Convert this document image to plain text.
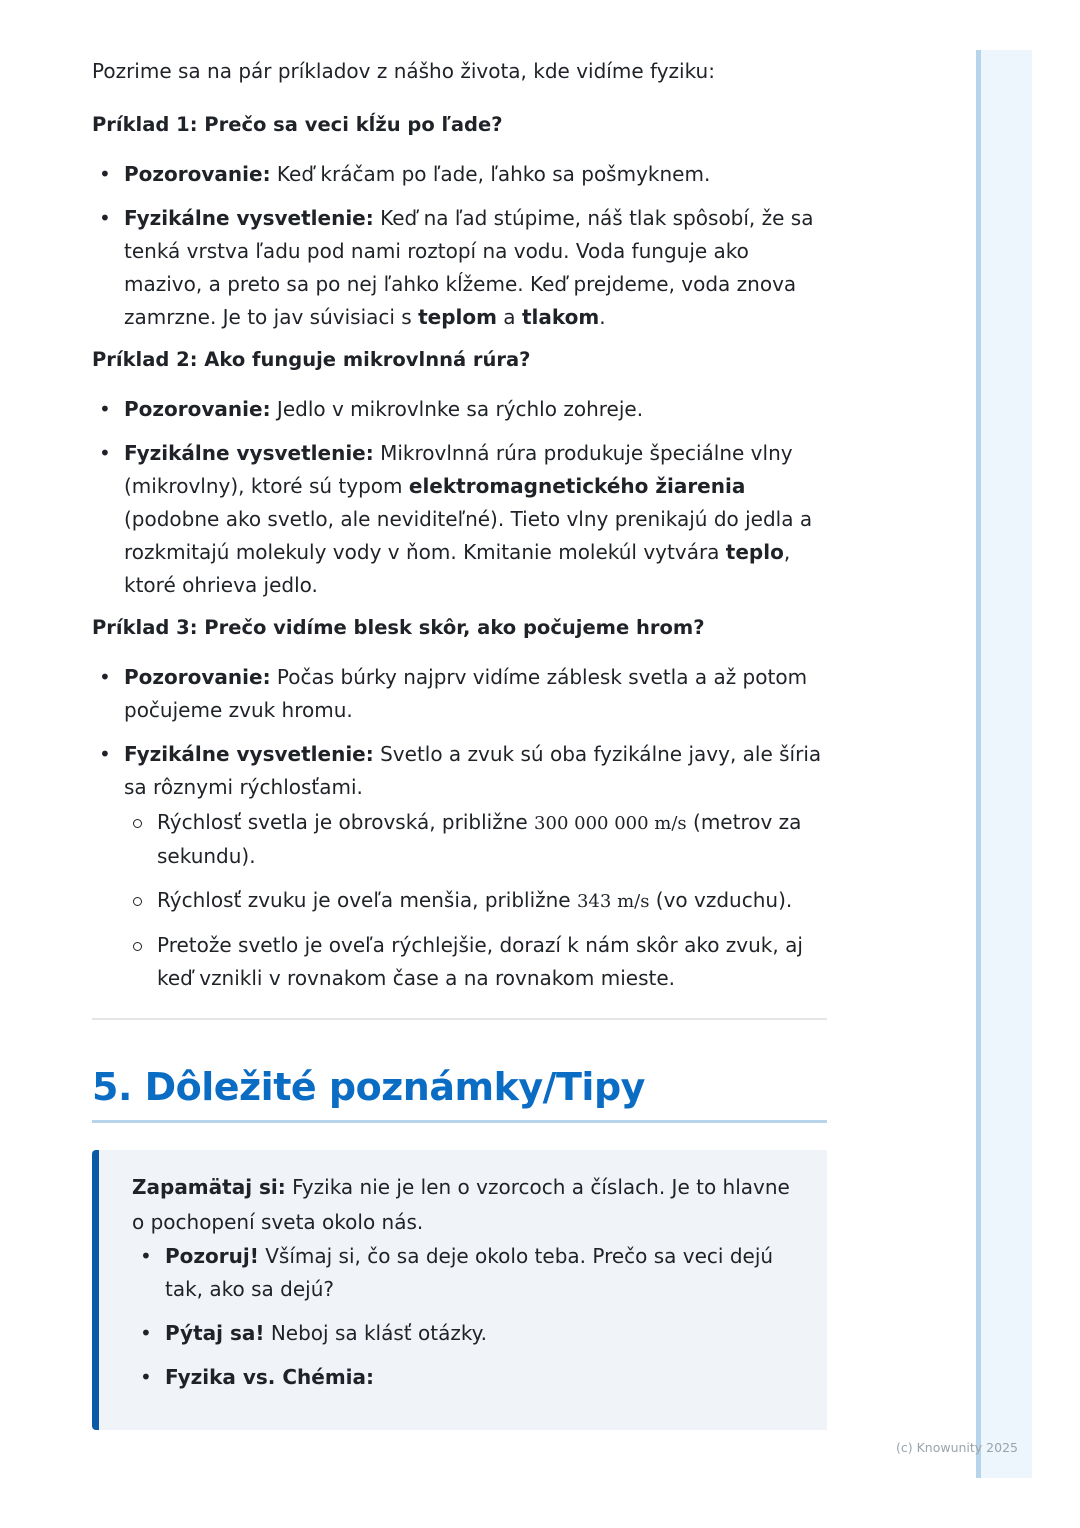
Pozrime sa na pár príkladov z nášho života, kde vidíme fyziku:

Príklad 1: Prečo sa veci kĺžu po ľade?

• Pozorovanie: Keď kráčam po ľade, ľahko sa pošmyknem.
• Fyzikálne vysvetlenie: Keď na ľad stúpime, náš tlak spôsobí, že sa tenká vrstva ľadu pod nami roztopí na vodu. Voda funguje ako mazivo, a preto sa po nej ľahko kĺžeme. Keď prejdeme, voda znova zamrzne. Je to jav súvisiaci s teplom a tlakom.

Príklad 2: Ako funguje mikrovlnná rúra?

• Pozorovanie: Jedlo v mikrovlnke sa rýchlo zohreje.
• Fyzikálne vysvetlenie: Mikrovlnná rúra produkuje špeciálne vlny (mikrovlny), ktoré sú typom elektromagnetického žiarenia (podobne ako svetlo, ale neviditeľné). Tieto vlny prenikajú do jedla a rozkmitajú molekuly vody v ňom. Kmitanie molekúl vytvára teplo, ktoré ohrieva jedlo.

Príklad 3: Prečo vidíme blesk skôr, ako počujeme hrom?

• Pozorovanie: Počas búrky najprv vidíme záblesk svetla a až potom počujeme zvuk hromu.
• Fyzikálne vysvetlenie: Svetlo a zvuk sú oba fyzikálne javy, ale šíria sa rôznymi rýchlosťami.
Rýchlosť svetla je obrovská, približne 300 000 000 m/s (metrov za sekundu).
Rýchlosť zvuku je oveľa menšia, približne 343 m/s (vo vzduchu).
Pretože svetlo je oveľa rýchlejšie, dorazí k nám skôr ako zvuk, aj keď vznikli v rovnakom čase a na rovnakom mieste.
5. Dôležité poznámky/Tipy

Zapamätaj si: Fyzika nie je len o vzorcoch a číslach. Je to hlavne o pochopení sveta okolo nás.

• Pozoruj! Všímaj si, čo sa deje okolo teba. Prečo sa veci dejú tak, ako sa dejú?
• Pýtaj sa! Neboj sa klásť otázky.
• Fyzika vs. Chémia:
(c) Knowunity 2025
